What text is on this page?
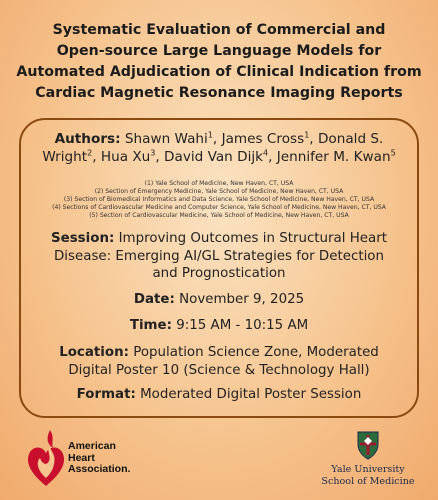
Systematic Evaluation of Commercial and
Open-source Large Language Models for
Automated Adjudication of Clinical Indication from
Cardiac Magnetic Resonance Imaging Reports
Authors: Shawn Wahi$^1$, James Cross$^1$, Donald S. Wright$^2$, Hua Xu$^3$, David Van Dijk$^4$, Jennifer M. Kwan$^5$
(1) Yale School of Medicine, New Haven, CT, USA
(2) Section of Emergency Medicine, Yale School of Medicine, New Haven, CT, USA
(3) Section of Biomedical Informatics and Data Science, Yale School of Medicine, New Haven, CT, USA
(4) Sections of Cardiovascular Medicine and Computer Science, Yale School of Medicine, New Haven, CT, USA
(5) Section of Cardiovascular Medicine, Yale School of Medicine, New Haven, CT, USA
Session: Improving Outcomes in Structural Heart
Disease: Emerging AI/GL Strategies for Detection
and Prognostication
Date: November 9, 2025
Time: 9:15 AM - 10:15 AM
Location: Population Science Zone, Moderated
Digital Poster 10 (Science & Technology Hall)
Format: Moderated Digital Poster Session
American
Heart
Association.	Yale University
School of Medicine
